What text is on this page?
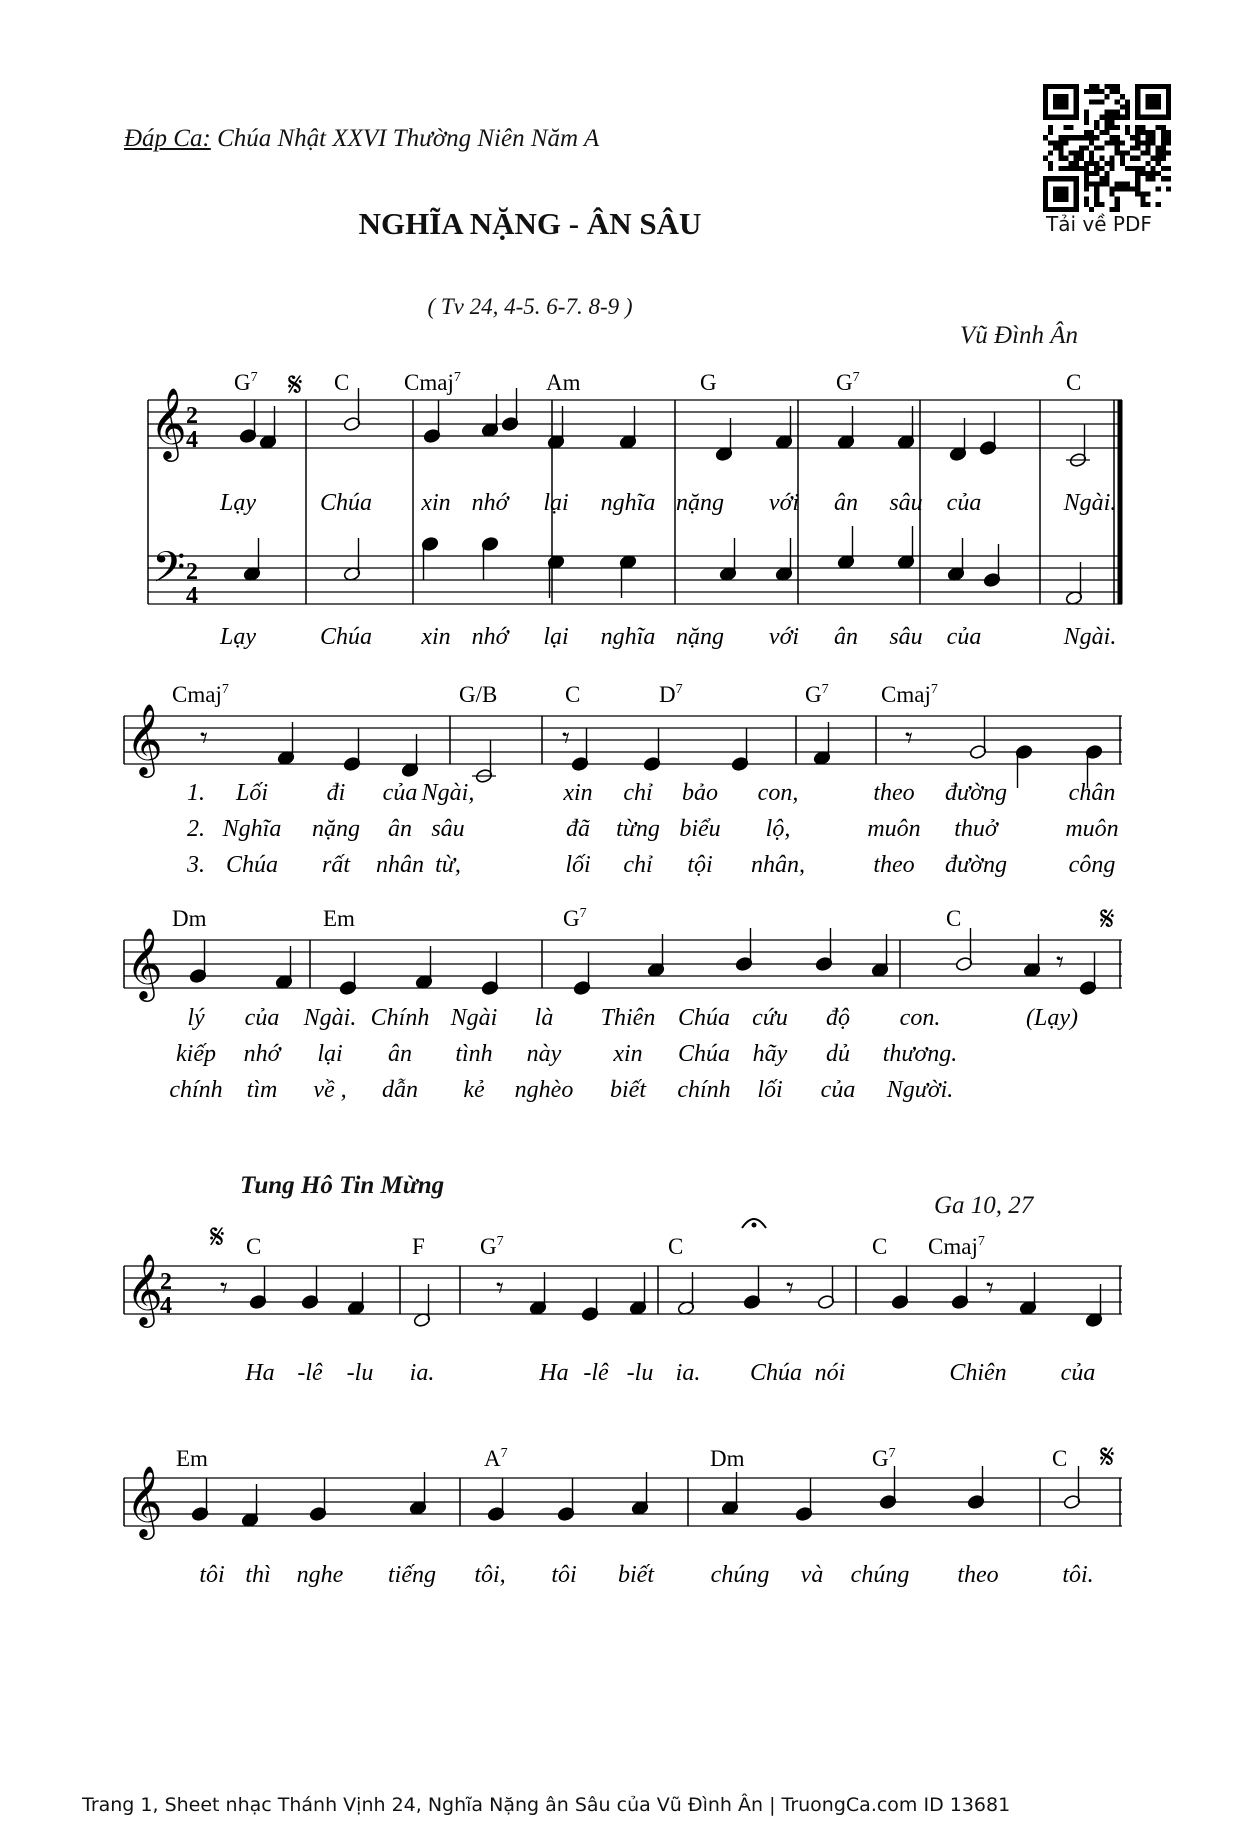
Đáp Ca: Chúa Nhật XXVI Thường Niên Năm A
NGHĨA NẶNG - ÂN SÂU
( Tv 24, 4-5. 6-7. 8-9 )
Vũ Đình Ân
Tải về PDF
Tung Hô Tin Mừng
Ga 10, 27
𝄞
𝄢
2
4
2
4
𝄋
$G^7$	C Cmaj$^7$	Am	G	$G^7$	C
Lạy	Chúa xin nhớ lại nghĩa nặng với ân sâu của	Ngài.
Lạy	Chúa xin nhớ lại nghĩa nặng với ân sâu của	Ngài.
𝄞
Cmaj$^7$	G/B	C	$D^7$	$G^7$ Cmaj$^7$
𝄾	𝄾	𝄾
1. Lối đi của Ngài,	xin chỉ bảo con,	theo đường	chân
2. Nghĩa nặng ân sâu	đã từng biểu lộ,	muôn thuở	muôn
3. Chúa rất nhân từ,	lối chỉ tội nhân,	theo đường	công
𝄞
Dm	Em	$G^7$	C
𝄾
𝄋
lý của Ngài. Chính Ngài là Thiên Chúa cứu độ con.	(Lạy)
kiếp nhớ lại ân tình này xin Chúa hãy dủ thương.
chính tìm về , dẫn kẻ nghèo biết chính lối của Người.
𝄞
2
4
𝄋 C	F $G^7$	C	C Cmaj$^7$
𝄾	𝄾	𝄾	𝄾
Ha -lê -lu ia.	Ha -lê -lu ia. Chúa nói	Chiên của
𝄞
Em	$A^7$	Dm	$G^7$	C 𝄋
tôi thì nghe tiếng tôi, tôi biết chúng và chúng theo	tôi.
Trang 1, Sheet nhạc Thánh Vịnh 24, Nghĩa Nặng ân Sâu của Vũ Đình Ân | TruongCa.com ID 13681
